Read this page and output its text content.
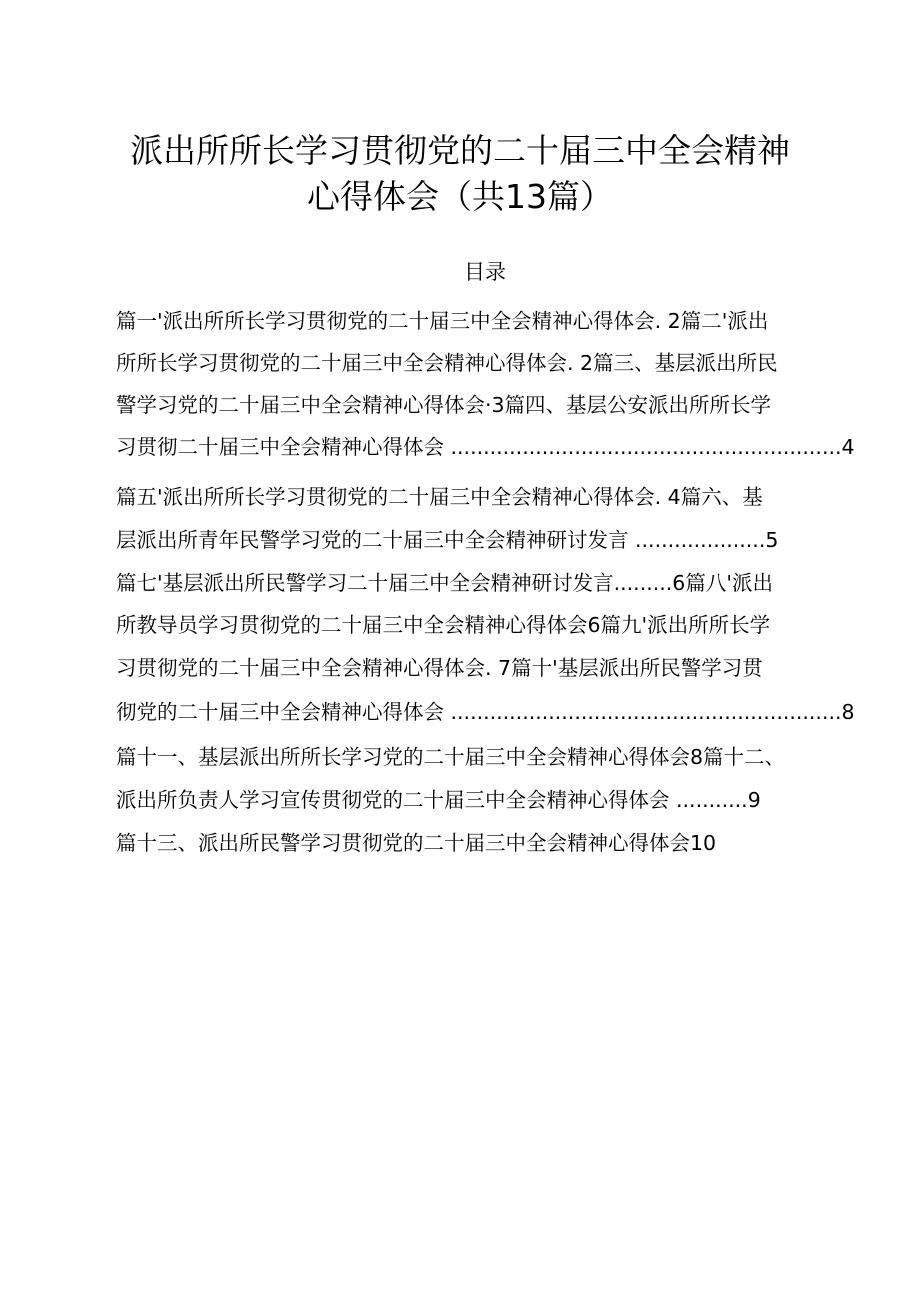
派出所所长学习贯彻党的二十届三中全会精神
心得体会（共13篇）
目录
篇一'派出所所长学习贯彻党的二十届三中全会精神心得体会. 2篇二'派出
所所长学习贯彻党的二十届三中全会精神心得体会. 2篇三、基层派出所民
警学习党的二十届三中全会精神心得体会·3篇四、基层公安派出所所长学
习贯彻二十届三中全会精神心得体会 ............................................................4
篇五'派出所所长学习贯彻党的二十届三中全会精神心得体会. 4篇六、基
层派出所青年民警学习党的二十届三中全会精神研讨发言 ....................5
篇七'基层派出所民警学习二十届三中全会精神研讨发言.........6篇八'派出
所教导员学习贯彻党的二十届三中全会精神心得体会6篇九'派出所所长学
习贯彻党的二十届三中全会精神心得体会. 7篇十'基层派出所民警学习贯
彻党的二十届三中全会精神心得体会 ............................................................8
篇十一、基层派出所所长学习党的二十届三中全会精神心得体会8篇十二、
派出所负责人学习宣传贯彻党的二十届三中全会精神心得体会 ...........9
篇十三、派出所民警学习贯彻党的二十届三中全会精神心得体会10
